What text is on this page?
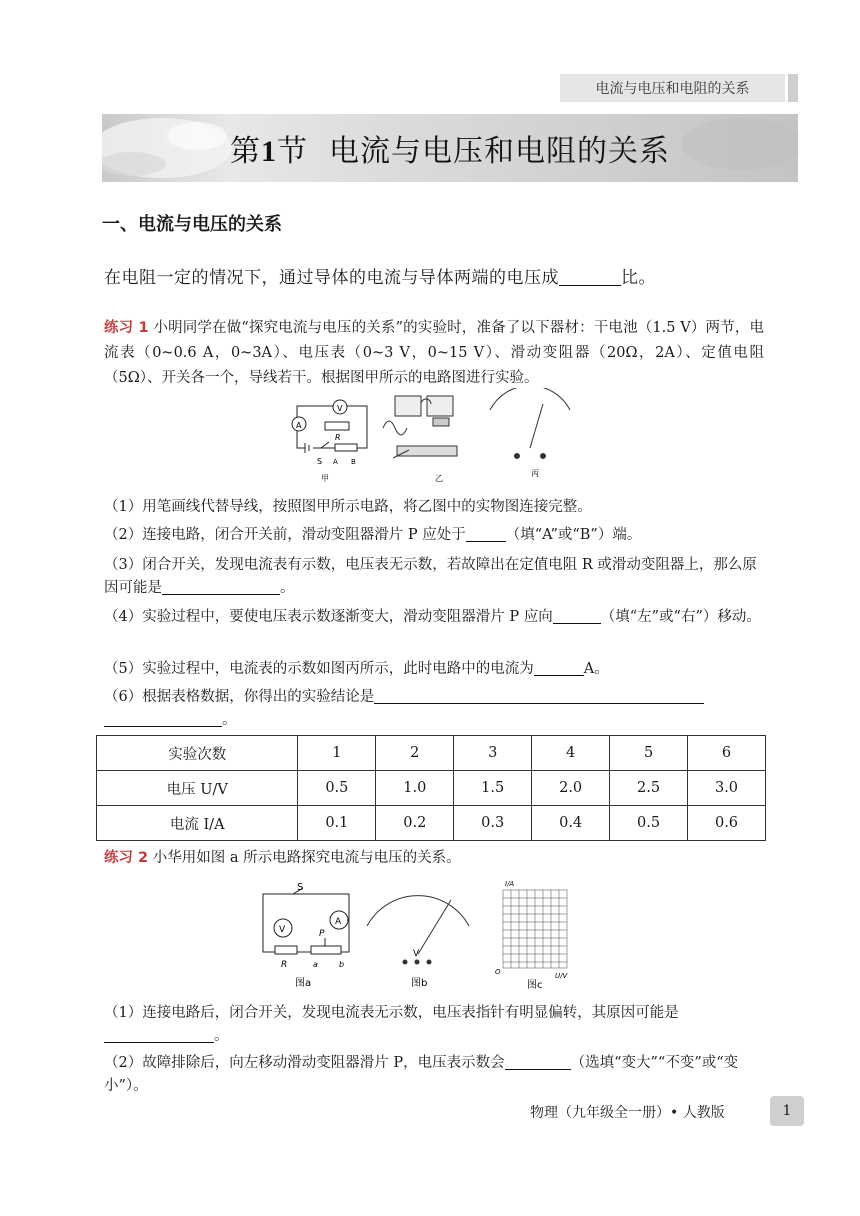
电流与电压和电阻的关系
第1节  电流与电压和电阻的关系
一、电流与电压的关系
在电阻一定的情况下，通过导体的电流与导体两端的电压成	比。
练习 1 小明同学在做“探究电流与电压的关系”的实验时，准备了以下器材：干电池（1.5 V）两节，电流表（0~0.6 A，0~3A）、电压表（0~3 V，0~15 V）、滑动变阻器（20Ω，2A）、定值电阻（5Ω）、开关各一个，导线若干。根据图甲所示的电路图进行实验。
A
V
R
S A B
甲	乙
丙
（1）用笔画线代替导线，按照图甲所示电路，将乙图中的实物图连接完整。
（2）连接电路，闭合开关前，滑动变阻器滑片 P 应处于	（填“A”或“B”）端。
（3）闭合开关，发现电流表有示数，电压表无示数，若故障出在定值电阻 R 或滑动变阻器上，那么原因可能是	。
（4）实验过程中，要使电压表示数逐渐变大，滑动变阻器滑片 P 应向	（填“左”或“右”）移动。
（5）实验过程中，电流表的示数如图丙所示，此时电路中的电流为	A。
（6）根据表格数据，你得出的实验结论是
。
实验次数	1	2	3	4	5	6
电压 U/V	0.5	1.0	1.5	2.0	2.5	3.0
电流 I/A	0.1	0.2	0.3	0.4	0.5	0.6
练习 2 小华用如图 a 所示电路探究电流与电压的关系。
S
A
V
R
P
a	b
图a
V
图b
I/A
U/V
O
图c
（1）连接电路后，闭合开关，发现电流表无示数，电压表指针有明显偏转，其原因可能是。
（2）故障排除后，向左移动滑动变阻器滑片 P，电压表示数会	（选填“变大”“不变”或“变小”）。
物理（九年级全一册）• 人教版	1
